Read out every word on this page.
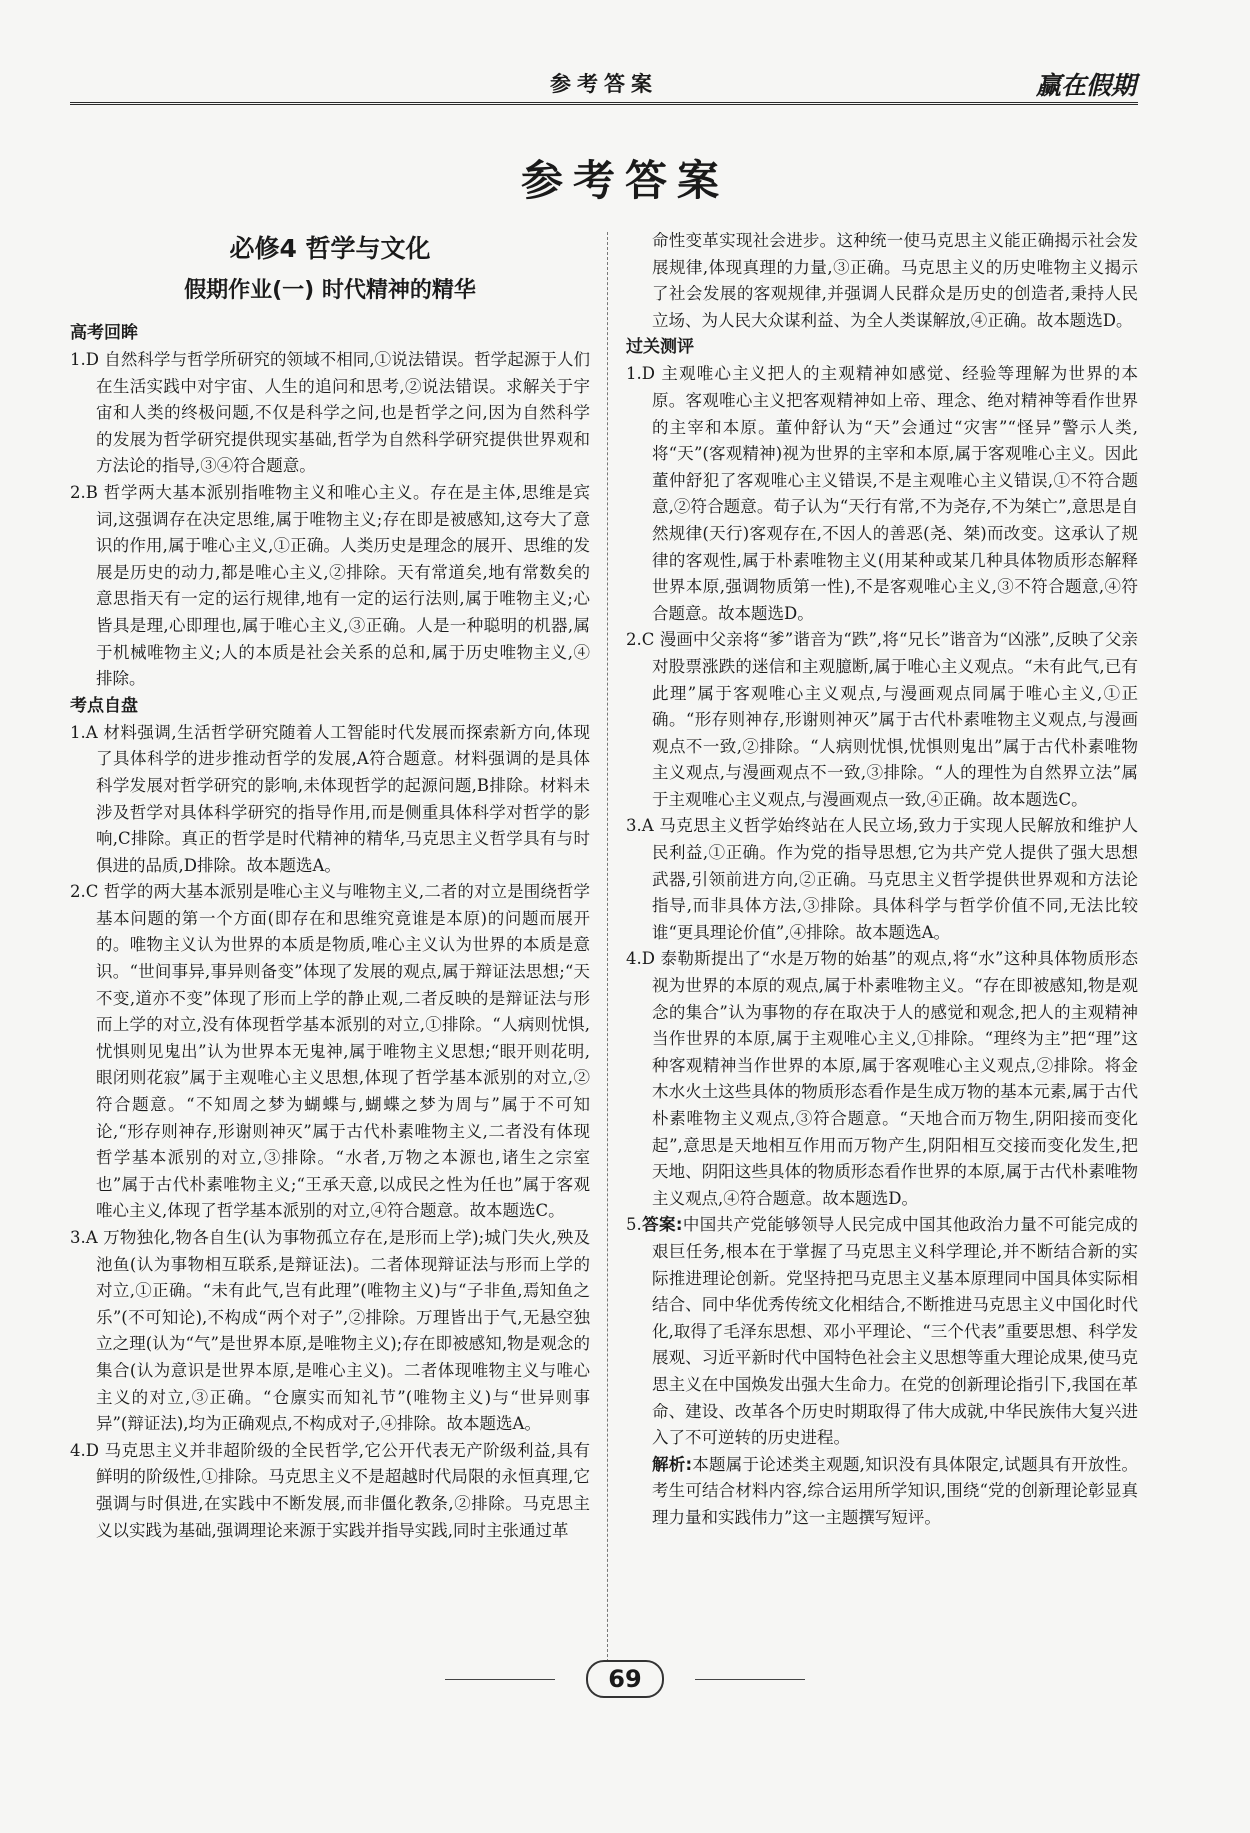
参考答案	赢在假期
参考答案
必修4 哲学与文化
假期作业(一) 时代精神的精华
高考回眸
1.D 自然科学与哲学所研究的领域不相同,①说法错误。哲学起源于人们在生活实践中对宇宙、人生的追问和思考,②说法错误。求解关于宇宙和人类的终极问题,不仅是科学之问,也是哲学之问,因为自然科学的发展为哲学研究提供现实基础,哲学为自然科学研究提供世界观和方法论的指导,③④符合题意。
2.B 哲学两大基本派别指唯物主义和唯心主义。存在是主体,思维是宾词,这强调存在决定思维,属于唯物主义;存在即是被感知,这夸大了意识的作用,属于唯心主义,①正确。人类历史是理念的展开、思维的发展是历史的动力,都是唯心主义,②排除。天有常道矣,地有常数矣的意思指天有一定的运行规律,地有一定的运行法则,属于唯物主义;心皆具是理,心即理也,属于唯心主义,③正确。人是一种聪明的机器,属于机械唯物主义;人的本质是社会关系的总和,属于历史唯物主义,④排除。
考点自盘
1.A 材料强调,生活哲学研究随着人工智能时代发展而探索新方向,体现了具体科学的进步推动哲学的发展,A符合题意。材料强调的是具体科学发展对哲学研究的影响,未体现哲学的起源问题,B排除。材料未涉及哲学对具体科学研究的指导作用,而是侧重具体科学对哲学的影响,C排除。真正的哲学是时代精神的精华,马克思主义哲学具有与时俱进的品质,D排除。故本题选A。
2.C 哲学的两大基本派别是唯心主义与唯物主义,二者的对立是围绕哲学基本问题的第一个方面(即存在和思维究竟谁是本原)的问题而展开的。唯物主义认为世界的本质是物质,唯心主义认为世界的本质是意识。“世间事异,事异则备变”体现了发展的观点,属于辩证法思想;“天不变,道亦不变”体现了形而上学的静止观,二者反映的是辩证法与形而上学的对立,没有体现哲学基本派别的对立,①排除。“人病则忧惧,忧惧则见鬼出”认为世界本无鬼神,属于唯物主义思想;“眼开则花明,眼闭则花寂”属于主观唯心主义思想,体现了哲学基本派别的对立,②符合题意。“不知周之梦为蝴蝶与,蝴蝶之梦为周与”属于不可知论,“形存则神存,形谢则神灭”属于古代朴素唯物主义,二者没有体现哲学基本派别的对立,③排除。“水者,万物之本源也,诸生之宗室也”属于古代朴素唯物主义;“王承天意,以成民之性为任也”属于客观唯心主义,体现了哲学基本派别的对立,④符合题意。故本题选C。
3.A 万物独化,物各自生(认为事物孤立存在,是形而上学);城门失火,殃及池鱼(认为事物相互联系,是辩证法)。二者体现辩证法与形而上学的对立,①正确。“未有此气,岂有此理”(唯物主义)与“子非鱼,焉知鱼之乐”(不可知论),不构成“两个对子”,②排除。万理皆出于气,无悬空独立之理(认为“气”是世界本原,是唯物主义);存在即被感知,物是观念的集合(认为意识是世界本原,是唯心主义)。二者体现唯物主义与唯心主义的对立,③正确。“仓廪实而知礼节”(唯物主义)与“世异则事异”(辩证法),均为正确观点,不构成对子,④排除。故本题选A。
4.D 马克思主义并非超阶级的全民哲学,它公开代表无产阶级利益,具有鲜明的阶级性,①排除。马克思主义不是超越时代局限的永恒真理,它强调与时俱进,在实践中不断发展,而非僵化教条,②排除。马克思主义以实践为基础,强调理论来源于实践并指导实践,同时主张通过革
命性变革实现社会进步。这种统一使马克思主义能正确揭示社会发展规律,体现真理的力量,③正确。马克思主义的历史唯物主义揭示了社会发展的客观规律,并强调人民群众是历史的创造者,秉持人民立场、为人民大众谋利益、为全人类谋解放,④正确。故本题选D。
过关测评
1.D 主观唯心主义把人的主观精神如感觉、经验等理解为世界的本原。客观唯心主义把客观精神如上帝、理念、绝对精神等看作世界的主宰和本原。董仲舒认为“天”会通过“灾害”“怪异”警示人类,将“天”(客观精神)视为世界的主宰和本原,属于客观唯心主义。因此董仲舒犯了客观唯心主义错误,不是主观唯心主义错误,①不符合题意,②符合题意。荀子认为“天行有常,不为尧存,不为桀亡”,意思是自然规律(天行)客观存在,不因人的善恶(尧、桀)而改变。这承认了规律的客观性,属于朴素唯物主义(用某种或某几种具体物质形态解释世界本原,强调物质第一性),不是客观唯心主义,③不符合题意,④符合题意。故本题选D。
2.C 漫画中父亲将“爹”谐音为“跌”,将“兄长”谐音为“凶涨”,反映了父亲对股票涨跌的迷信和主观臆断,属于唯心主义观点。“未有此气,已有此理”属于客观唯心主义观点,与漫画观点同属于唯心主义,①正确。“形存则神存,形谢则神灭”属于古代朴素唯物主义观点,与漫画观点不一致,②排除。“人病则忧惧,忧惧则鬼出”属于古代朴素唯物主义观点,与漫画观点不一致,③排除。“人的理性为自然界立法”属于主观唯心主义观点,与漫画观点一致,④正确。故本题选C。
3.A 马克思主义哲学始终站在人民立场,致力于实现人民解放和维护人民利益,①正确。作为党的指导思想,它为共产党人提供了强大思想武器,引领前进方向,②正确。马克思主义哲学提供世界观和方法论指导,而非具体方法,③排除。具体科学与哲学价值不同,无法比较谁“更具理论价值”,④排除。故本题选A。
4.D 泰勒斯提出了“水是万物的始基”的观点,将“水”这种具体物质形态视为世界的本原的观点,属于朴素唯物主义。“存在即被感知,物是观念的集合”认为事物的存在取决于人的感觉和观念,把人的主观精神当作世界的本原,属于主观唯心主义,①排除。“理终为主”把“理”这种客观精神当作世界的本原,属于客观唯心主义观点,②排除。将金木水火土这些具体的物质形态看作是生成万物的基本元素,属于古代朴素唯物主义观点,③符合题意。“天地合而万物生,阴阳接而变化起”,意思是天地相互作用而万物产生,阴阳相互交接而变化发生,把天地、阴阳这些具体的物质形态看作世界的本原,属于古代朴素唯物主义观点,④符合题意。故本题选D。
5.答案:中国共产党能够领导人民完成中国其他政治力量不可能完成的艰巨任务,根本在于掌握了马克思主义科学理论,并不断结合新的实际推进理论创新。党坚持把马克思主义基本原理同中国具体实际相结合、同中华优秀传统文化相结合,不断推进马克思主义中国化时代化,取得了毛泽东思想、邓小平理论、“三个代表”重要思想、科学发展观、习近平新时代中国特色社会主义思想等重大理论成果,使马克思主义在中国焕发出强大生命力。在党的创新理论指引下,我国在革命、建设、改革各个历史时期取得了伟大成就,中华民族伟大复兴进入了不可逆转的历史进程。
解析:本题属于论述类主观题,知识没有具体限定,试题具有开放性。考生可结合材料内容,综合运用所学知识,围绕“党的创新理论彰显真理力量和实践伟力”这一主题撰写短评。
69
